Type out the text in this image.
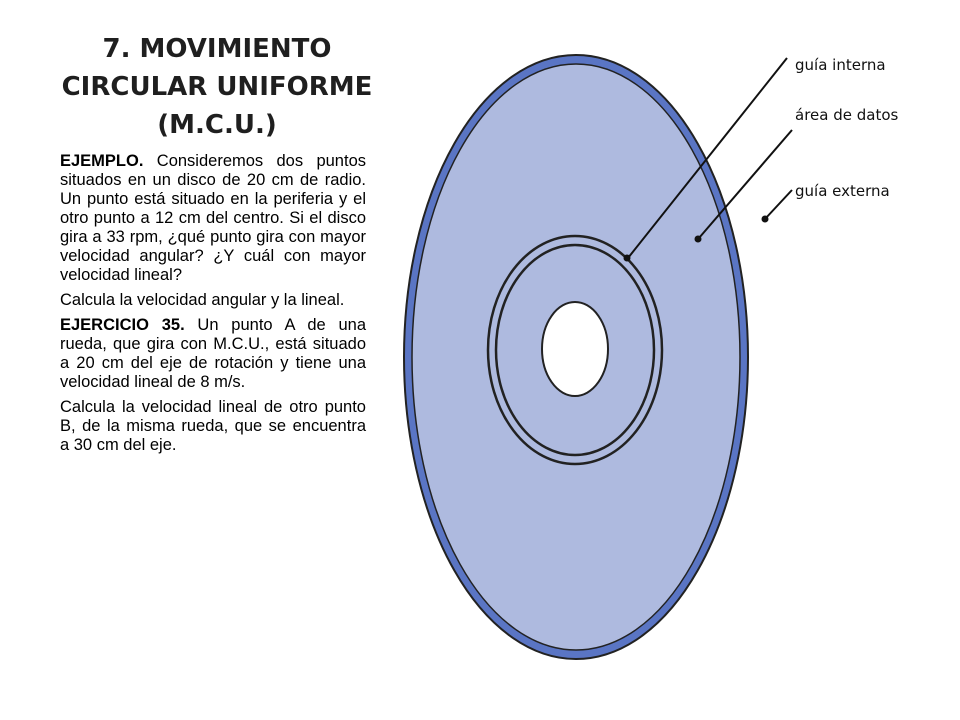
7. MOVIMIENTO
CIRCULAR UNIFORME
(M.C.U.)

EJEMPLO. Consideremos dos puntos situados en un disco de 20 cm de radio. Un punto está situado en la periferia y el otro punto a 12 cm del centro. Si el disco gira a 33 rpm, ¿qué punto gira con mayor velocidad angular? ¿Y cuál con mayor velocidad lineal?

Calcula la velocidad angular y la lineal.

EJERCICIO 35. Un punto A de una rueda, que gira con M.C.U., está situado a 20 cm del eje de rotación y tiene una velocidad lineal de 8 m/s.

Calcula la velocidad lineal de otro punto B, de la misma rueda, que se encuentra a 30 cm del eje.

guía interna
área de datos
guía externa
